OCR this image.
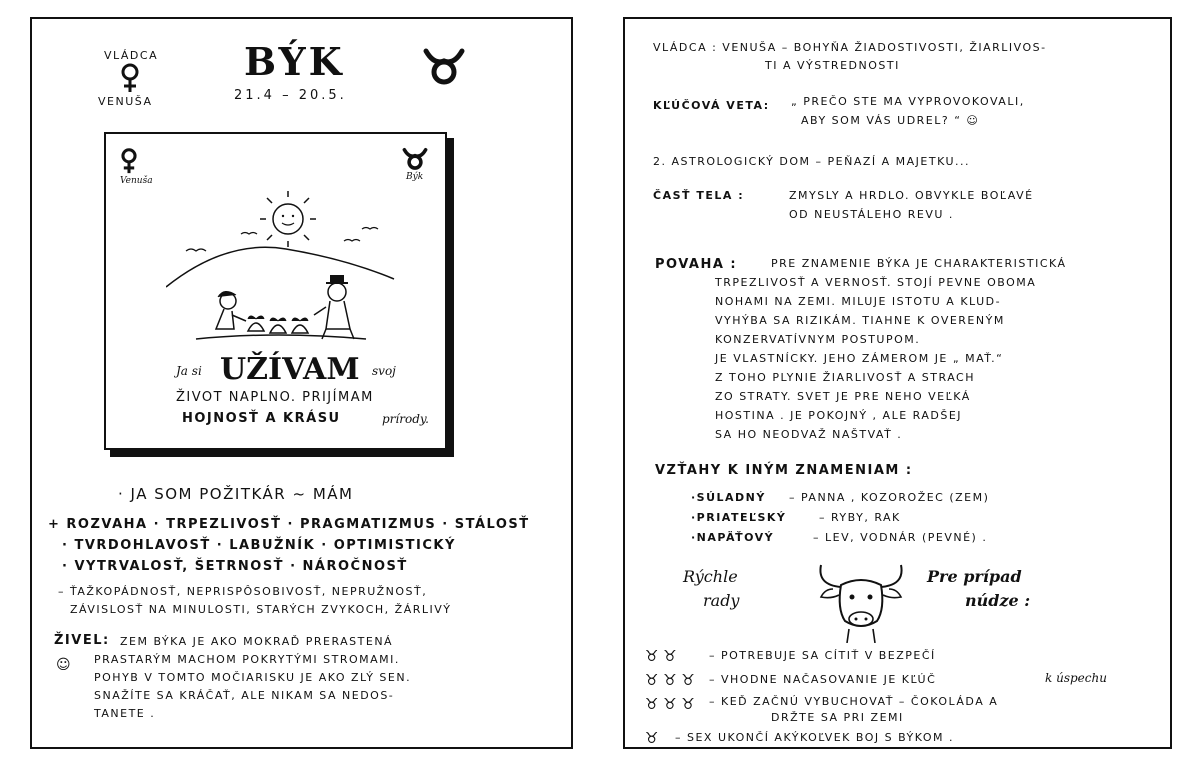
VLÁDCA
VENUŠA
BÝK
21.4 – 20.5.
Venuša	Býk
Ja si UŽÍVAM svoj
ŽIVOT NAPLNO. PRIJÍMAM
HOJNOSŤ A KRÁSU	prírody.
· JA SOM POŽITKÁR ~ MÁM
+ ROZVAHA · TRPEZLIVOSŤ · PRAGMATIZMUS · STÁLOSŤ
· TVRDOHLAVOSŤ · LABUŽNÍK · OPTIMISTICKÝ
· VYTRVALOSŤ, ŠETRNOSŤ · NÁROČNOSŤ
– ŤAŽKOPÁDNOSŤ, NEPRISPÔSOBIVOSŤ, NEPRUŽNOSŤ,
ZÁVISLOSŤ NA MINULOSTI, STARÝCH ZVYKOCH, ŽÁRLIVÝ
ŽIVEL: ZEM BÝKA JE AKO MOKRAĎ PRERASTENÁ
☺ PRASTARÝM MACHOM POKRYTÝMI STROMAMI.
POHYB V TOMTO MOČIARISKU JE AKO ZLÝ SEN.
SNAŽÍTE SA KRÁČAŤ, ALE NIKAM SA NEDOS-
TANETE .
VLÁDCA : VENUŠA – BOHYŇA ŽIADOSTIVOSTI, ŽIARLIVOS-
TI A VÝSTREDNOSTI
KĽÚČOVÁ VETA: „ PREČO STE MA VYPROVOKOVALI,
ABY SOM VÁS UDREL? “ ☺
2. ASTROLOGICKÝ DOM – PEŇAZÍ A MAJETKU...
ČASŤ TELA :	ZMYSLY A HRDLO. OBVYKLE BOĽAVÉ
OD NEUSTÁLEHO REVU .
POVAHA :	PRE ZNAMENIE BÝKA JE CHARAKTERISTICKÁ
TRPEZLIVOSŤ A VERNOSŤ. STOJÍ PEVNE OBOMA
NOHAMI NA ZEMI. MILUJE ISTOTU A KLUD-
VYHÝBA SA RIZIKÁM. TIAHNE K OVERENÝM
KONZERVATÍVNYM POSTUPOM.
JE VLASTNÍCKY. JEHO ZÁMEROM JE „ MAŤ.“
Z TOHO PLYNIE ŽIARLIVOSŤ A STRACH
ZO STRATY. SVET JE PRE NEHO VEĽKÁ
HOSTINA . JE POKOJNÝ , ALE RADŠEJ
SA HO NEODVAŽ NAŠTVAŤ .
VZŤAHY K INÝM ZNAMENIAM :
·SÚLADNÝ – PANNA , KOZOROŽEC (ZEM)
·PRIATEĽSKÝ	– RYBY, RAK
·NAPÄŤOVÝ	– LEV, VODNÁR (PEVNÉ) .
Rýchle
rady
Pre prípad
núdze :
♉ ♉	– POTREBUJE SA CÍTIŤ V BEZPEČÍ
♉ ♉ ♉ – VHODNE NAČASOVANIE JE KĽÚČ	k úspechu
♉ ♉ ♉ – KEĎ ZAČNÚ VYBUCHOVAŤ – ČOKOLÁDA A
DRŽTE SA PRI ZEMI
♉ – SEX UKONČÍ AKÝKOĽVEK BOJ S BÝKOM .
